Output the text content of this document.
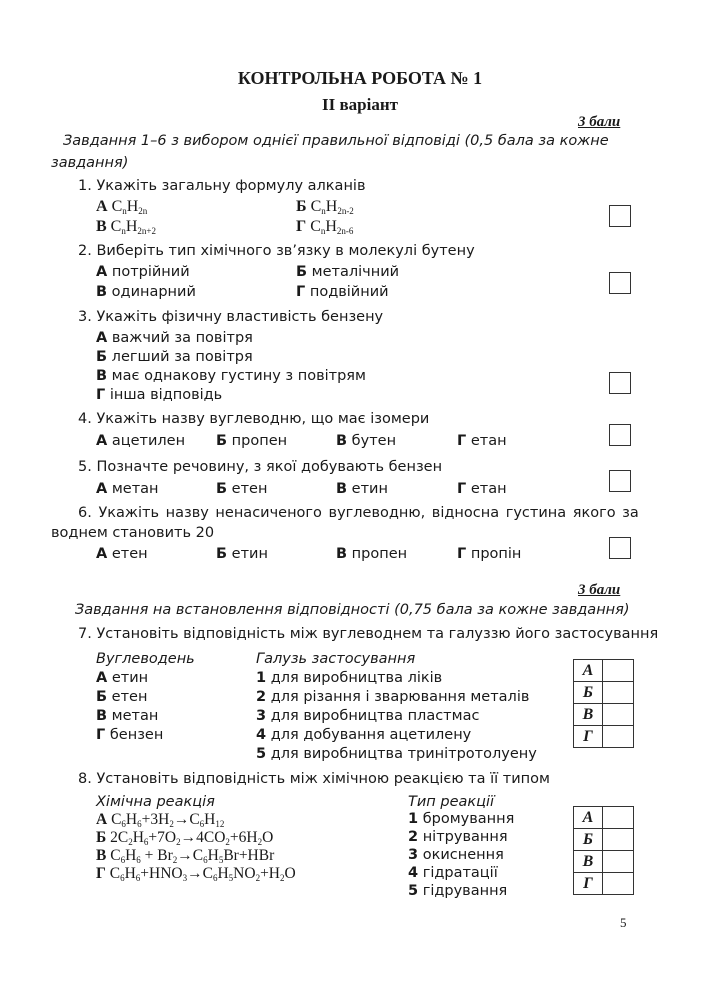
КОНТРОЛЬНА РОБОТА № 1
ІІ варіант
3 бали
Завдання 1–6 з вибором однієї правильної відповіді (0,5 бала за кожне
завдання)
1. Укажіть загальну формулу алканів
А $C_nH_{2n}$	Б $C_nH_{2n-2}$
В $C_nH_{2n+2}$	Г $C_nH_{2n-6}$
2. Виберіть тип хімічного зв’язку в молекулі бутену
А потрійний	Б металічний
В одинарний	Г подвійний
3. Укажіть фізичну властивість бензену
А важчий за повітря
Б легший за повітря
В має однакову густину з повітрям
Г інша відповідь
4. Укажіть назву вуглеводню, що має ізомери
А ацетилен Б пропен	В бутен	Г етан
5. Позначте речовину, з якої добувають бензен
А метан	Б етен	В етин	Г етан
6. Укажіть назву ненасиченого вуглеводню, відносна густина якого за
воднем становить 20
А етен	Б етин	В пропен	Г пропін
3 бали
Завдання на встановлення відповідності (0,75 бала за кожне завдання)
7. Установіть відповідність між вуглеводнем та галуззю його застосування
Вуглеводень	Галузь застосування
А етин
Б етен
В метан
Г бензен
1 для виробництва ліків
2 для різання і зварювання металів
3 для виробництва пластмас
4 для добування ацетилену
5 для виробництва тринітротолуену
А	
Б	
В	
Г	
8. Установіть відповідність між хімічною реакцією та її типом
Хімічна реакція	Тип реакції
А $C_6H_6+3H_2\to C_6H_{12}$
Б $2C_2H_6+7O_2\to 4CO_2+6H_2O$
В $C_6H_6 + Br_2\to C_6H_5Br+HBr$
Г $C_6H_6+HNO_3\to C_6H_5NO_2+H_2O$
1 бромування
2 нітрування
3 окиснення
4 гідратації
5 гідрування
А	
Б	
В	
Г	
5
